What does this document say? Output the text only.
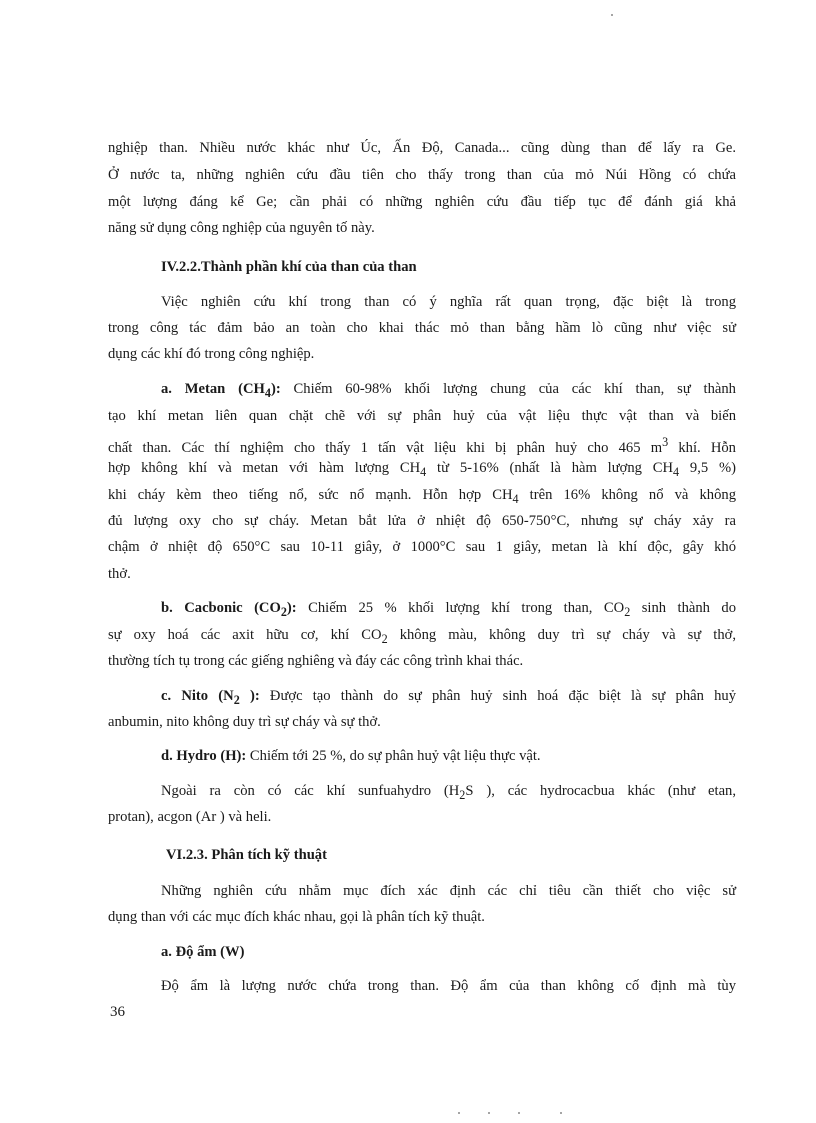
nghiệp than. Nhiều nước khác như Úc, Ấn Độ, Canada... cũng dùng than để lấy ra Ge.
Ở nước ta, những nghiên cứu đầu tiên cho thấy trong than của mỏ Núi Hồng có chứa
một lượng đáng kể Ge; cần phải có những nghiên cứu đầu tiếp tục để đánh giá khả
năng sử dụng công nghiệp của nguyên tố này.
IV.2.2.Thành phần khí của than của than
Việc nghiên cứu khí trong than có ý nghĩa rất quan trọng, đặc biệt là trong
trong công tác đảm bảo an toàn cho khai thác mỏ than bằng hầm lò cũng như việc sử
dụng các khí đó trong công nghiệp.
a. Metan $(CH_4)$: Chiếm 60-98% khối lượng chung của các khí than, sự thành
tạo khí metan liên quan chặt chẽ với sự phân huỷ của vật liệu thực vật than và biến
chất than. Các thí nghiệm cho thấy 1 tấn vật liệu khi bị phân huỷ cho 465 $m^3$ khí. Hỗn
hợp không khí và metan với hàm lượng $CH_4$ từ 5-16% (nhất là hàm lượng $CH_4$ 9,5 %)
khi cháy kèm theo tiếng nổ, sức nổ mạnh. Hỗn hợp $CH_4$ trên 16% không nổ và không
đủ lượng oxy cho sự cháy. Metan bắt lửa ở nhiệt độ 650-750°C, nhưng sự cháy xảy ra
chậm ở nhiệt độ 650°C sau 10-11 giây, ở 1000°C sau 1 giây, metan là khí độc, gây khó
thở.
b. Cacbonic $(CO_2)$: Chiếm 25 % khối lượng khí trong than, $CO_2$ sinh thành do
sự oxy hoá các axit hữu cơ, khí $CO_2$ không màu, không duy trì sự cháy và sự thở,
thường tích tụ trong các giếng nghiêng và đáy các công trình khai thác.
c. Nito ($N_2$ ): Được tạo thành do sự phân huỷ sinh hoá đặc biệt là sự phân huỷ
anbumin, nito không duy trì sự cháy và sự thở.
d. Hydro (H): Chiếm tới 25 %, do sự phân huỷ vật liệu thực vật.
Ngoài ra còn có các khí sunfuahydro ($H_2S$ ), các hydrocacbua khác (như etan,
protan), acgon (Ar ) và heli.
VI.2.3. Phân tích kỹ thuật
Những nghiên cứu nhằm mục đích xác định các chỉ tiêu cần thiết cho việc sử
dụng than với các mục đích khác nhau, gọi là phân tích kỹ thuật.
a. Độ ẩm (W)
Độ ẩm là lượng nước chứa trong than. Độ ẩm của than không cố định mà tùy
36
